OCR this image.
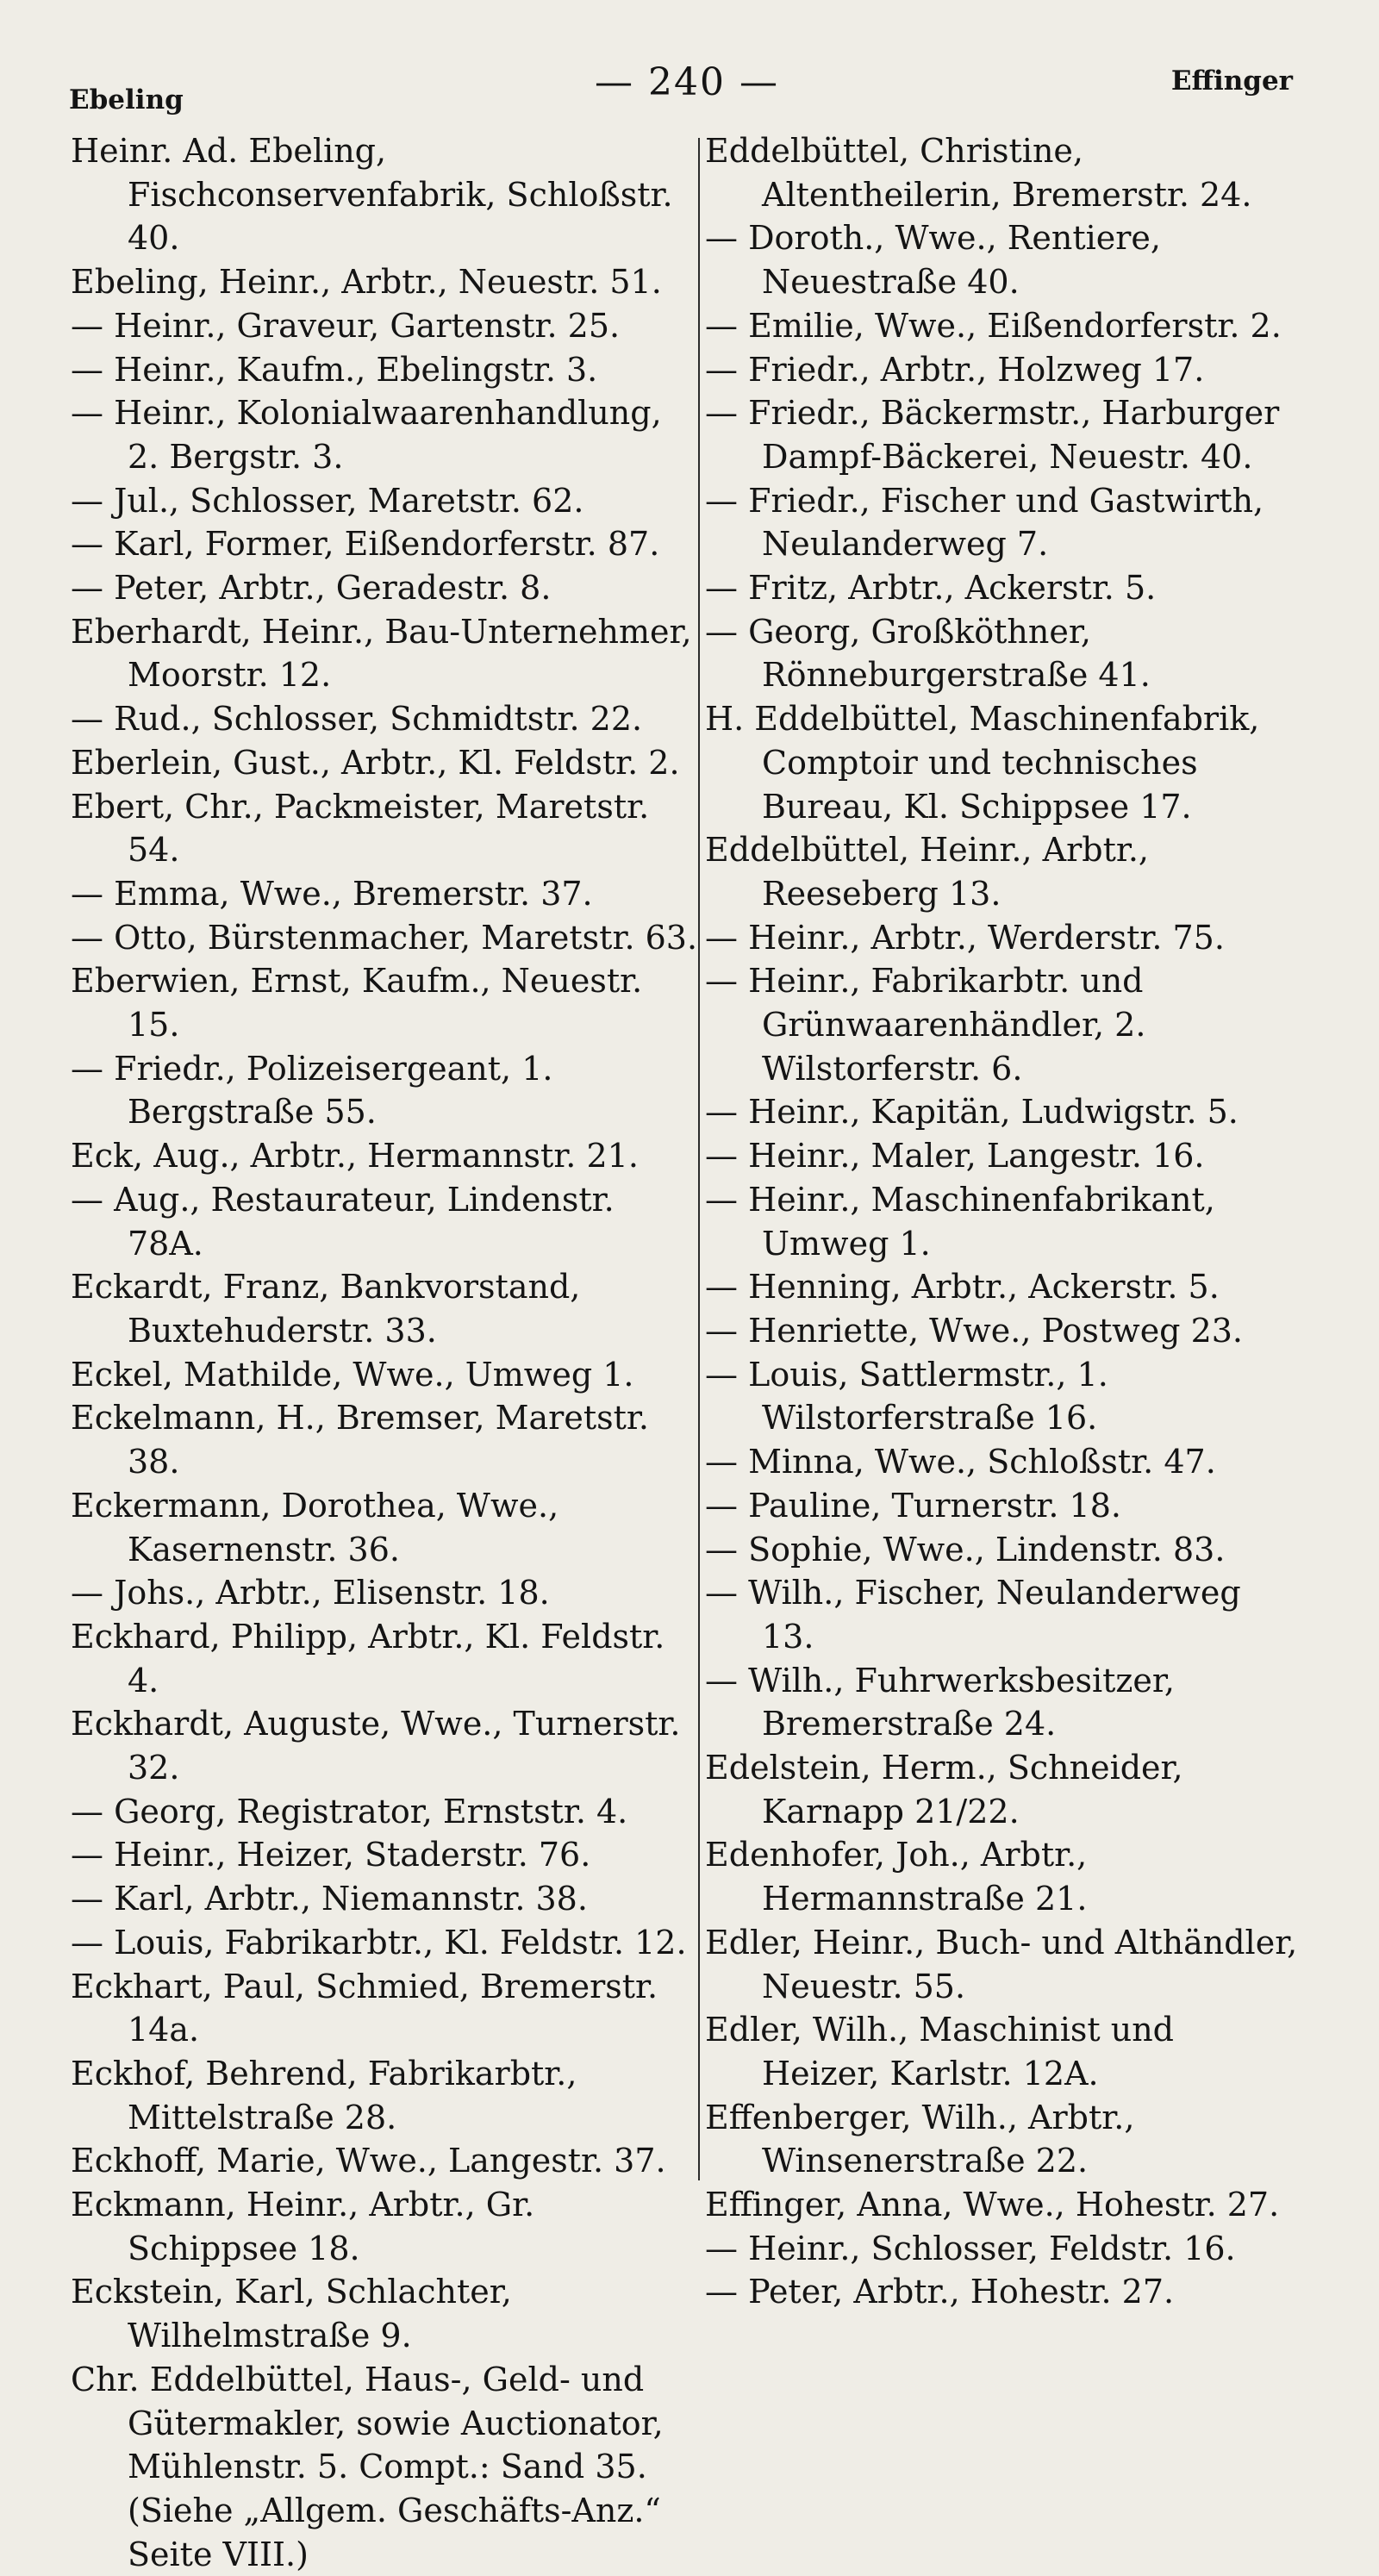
Ebeling	— 240 —	Effinger
Heinr. Ad. Ebeling, Fischconservenfabrik, Schloßstr. 40.
Ebeling, Heinr., Arbtr., Neuestr. 51.
— Heinr., Graveur, Gartenstr. 25.
— Heinr., Kaufm., Ebelingstr. 3.
— Heinr., Kolonialwaarenhandlung, 2. Bergstr. 3.
— Jul., Schlosser, Maretstr. 62.
— Karl, Former, Eißendorferstr. 87.
— Peter, Arbtr., Geradestr. 8.
Eberhardt, Heinr., Bau-Unternehmer, Moorstr. 12.
— Rud., Schlosser, Schmidtstr. 22.
Eberlein, Gust., Arbtr., Kl. Feldstr. 2.
Ebert, Chr., Packmeister, Maretstr. 54.
— Emma, Wwe., Bremerstr. 37.
— Otto, Bürstenmacher, Maretstr. 63.
Eberwien, Ernst, Kaufm., Neuestr. 15.
— Friedr., Polizeisergeant, 1. Bergstraße 55.
Eck, Aug., Arbtr., Hermannstr. 21.
— Aug., Restaurateur, Lindenstr. 78A.
Eckardt, Franz, Bankvorstand, Buxtehuderstr. 33.
Eckel, Mathilde, Wwe., Umweg 1.
Eckelmann, H., Bremser, Maretstr. 38.
Eckermann, Dorothea, Wwe., Kasernenstr. 36.
— Johs., Arbtr., Elisenstr. 18.
Eckhard, Philipp, Arbtr., Kl. Feldstr. 4.
Eckhardt, Auguste, Wwe., Turnerstr. 32.
— Georg, Registrator, Ernststr. 4.
— Heinr., Heizer, Staderstr. 76.
— Karl, Arbtr., Niemannstr. 38.
— Louis, Fabrikarbtr., Kl. Feldstr. 12.
Eckhart, Paul, Schmied, Bremerstr. 14a.
Eckhof, Behrend, Fabrikarbtr., Mittelstraße 28.
Eckhoff, Marie, Wwe., Langestr. 37.
Eckmann, Heinr., Arbtr., Gr. Schippsee 18.
Eckstein, Karl, Schlachter, Wilhelmstraße 9.
Chr. Eddelbüttel, Haus-, Geld- und Gütermakler, sowie Auctionator, Mühlenstr. 5. Compt.: Sand 35. (Siehe „Allgem. Geschäfts-Anz.“ Seite VIII.)
Eddelbüttel, Christine, Altentheilerin, Bremerstr. 24.
— Doroth., Wwe., Rentiere, Neuestraße 40.
— Emilie, Wwe., Eißendorferstr. 2.
— Friedr., Arbtr., Holzweg 17.
— Friedr., Bäckermstr., Harburger Dampf-Bäckerei, Neuestr. 40.
— Friedr., Fischer und Gastwirth, Neulanderweg 7.
— Fritz, Arbtr., Ackerstr. 5.
— Georg, Großköthner, Rönneburgerstraße 41.
H. Eddelbüttel, Maschinenfabrik, Comptoir und technisches Bureau, Kl. Schippsee 17.
Eddelbüttel, Heinr., Arbtr., Reeseberg 13.
— Heinr., Arbtr., Werderstr. 75.
— Heinr., Fabrikarbtr. und Grünwaarenhändler, 2. Wilstorferstr. 6.
— Heinr., Kapitän, Ludwigstr. 5.
— Heinr., Maler, Langestr. 16.
— Heinr., Maschinenfabrikant, Umweg 1.
— Henning, Arbtr., Ackerstr. 5.
— Henriette, Wwe., Postweg 23.
— Louis, Sattlermstr., 1. Wilstorferstraße 16.
— Minna, Wwe., Schloßstr. 47.
— Pauline, Turnerstr. 18.
— Sophie, Wwe., Lindenstr. 83.
— Wilh., Fischer, Neulanderweg 13.
— Wilh., Fuhrwerksbesitzer, Bremerstraße 24.
Edelstein, Herm., Schneider, Karnapp 21/22.
Edenhofer, Joh., Arbtr., Hermannstraße 21.
Edler, Heinr., Buch- und Althändler, Neuestr. 55.
Edler, Wilh., Maschinist und Heizer, Karlstr. 12A.
Effenberger, Wilh., Arbtr., Winsenerstraße 22.
Effinger, Anna, Wwe., Hohestr. 27.
— Heinr., Schlosser, Feldstr. 16.
— Peter, Arbtr., Hohestr. 27.
